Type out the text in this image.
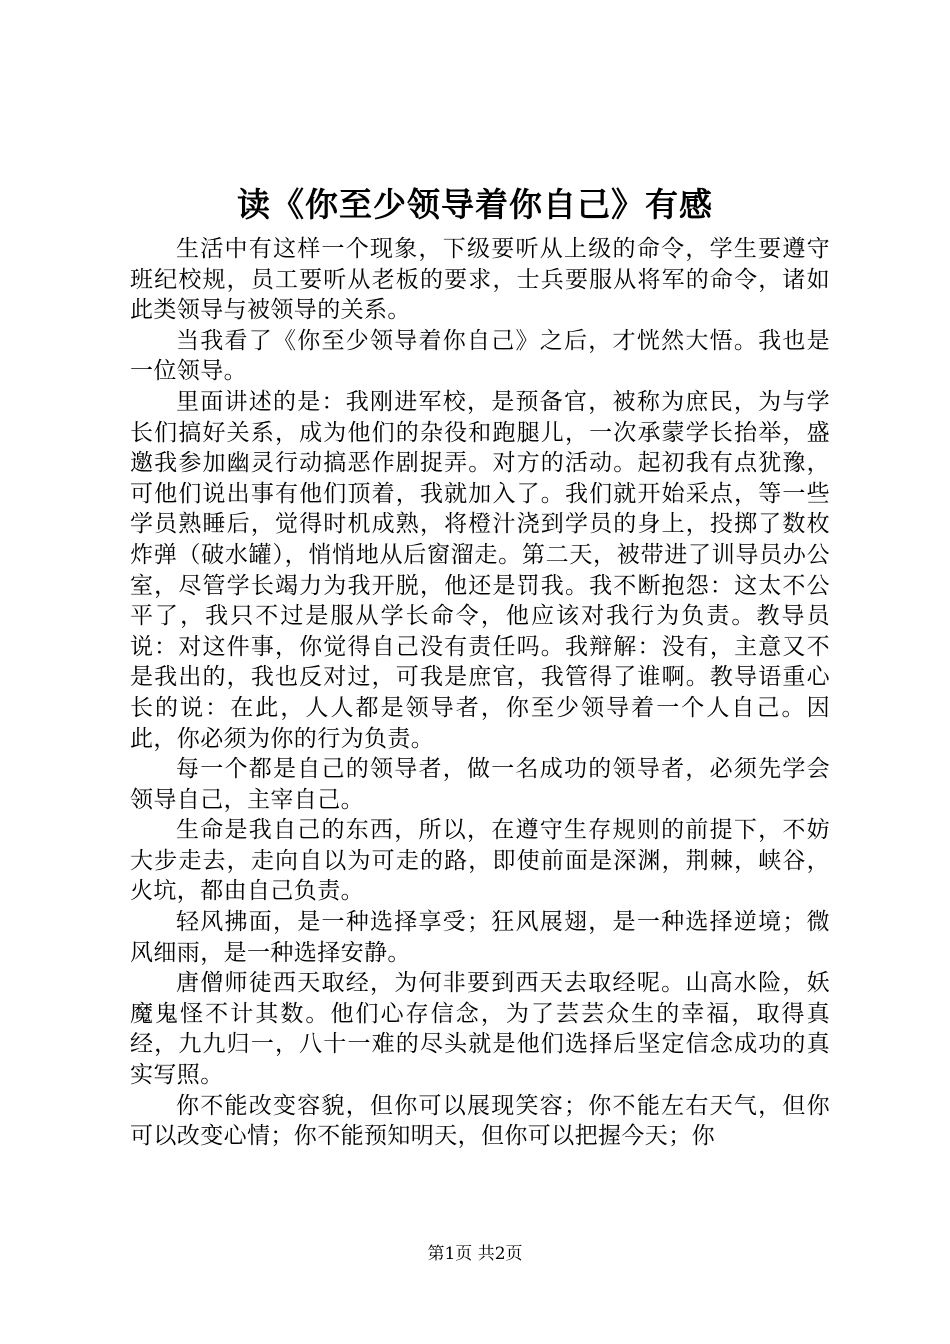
读《你至少领导着你自己》有感

生活中有这样一个现象，下级要听从上级的命令，学生要遵守班纪校规，员工要听从老板的要求，士兵要服从将军的命令，诸如此类领导与被领导的关系。

当我看了《你至少领导着你自己》之后，才恍然大悟。我也是一位领导。

里面讲述的是：我刚进军校，是预备官，被称为庶民，为与学长们搞好关系，成为他们的杂役和跑腿儿，一次承蒙学长抬举，盛邀我参加幽灵行动搞恶作剧捉弄。对方的活动。起初我有点犹豫，可他们说出事有他们顶着，我就加入了。我们就开始采点，等一些学员熟睡后，觉得时机成熟，将橙汁浇到学员的身上，投掷了数枚炸弹（破水罐），悄悄地从后窗溜走。第二天，被带进了训导员办公室，尽管学长竭力为我开脱，他还是罚我。我不断抱怨：这太不公平了，我只不过是服从学长命令，他应该对我行为负责。教导员说：对这件事，你觉得自己没有责任吗。我辩解：没有，主意又不是我出的，我也反对过，可我是庶官，我管得了谁啊。教导语重心长的说：在此，人人都是领导者，你至少领导着一个人自己。因此，你必须为你的行为负责。

每一个都是自己的领导者，做一名成功的领导者，必须先学会领导自己，主宰自己。

生命是我自己的东西，所以，在遵守生存规则的前提下，不妨大步走去，走向自以为可走的路，即使前面是深渊，荆棘，峡谷，火坑，都由自己负责。

轻风拂面，是一种选择享受；狂风展翅，是一种选择逆境；微风细雨，是一种选择安静。

唐僧师徒西天取经，为何非要到西天去取经呢。山高水险，妖魔鬼怪不计其数。他们心存信念，为了芸芸众生的幸福，取得真经，九九归一，八十一难的尽头就是他们选择后坚定信念成功的真实写照。

你不能改变容貌，但你可以展现笑容；你不能左右天气，但你可以改变心情；你不能预知明天，但你可以把握今天；你

第1页 共2页
